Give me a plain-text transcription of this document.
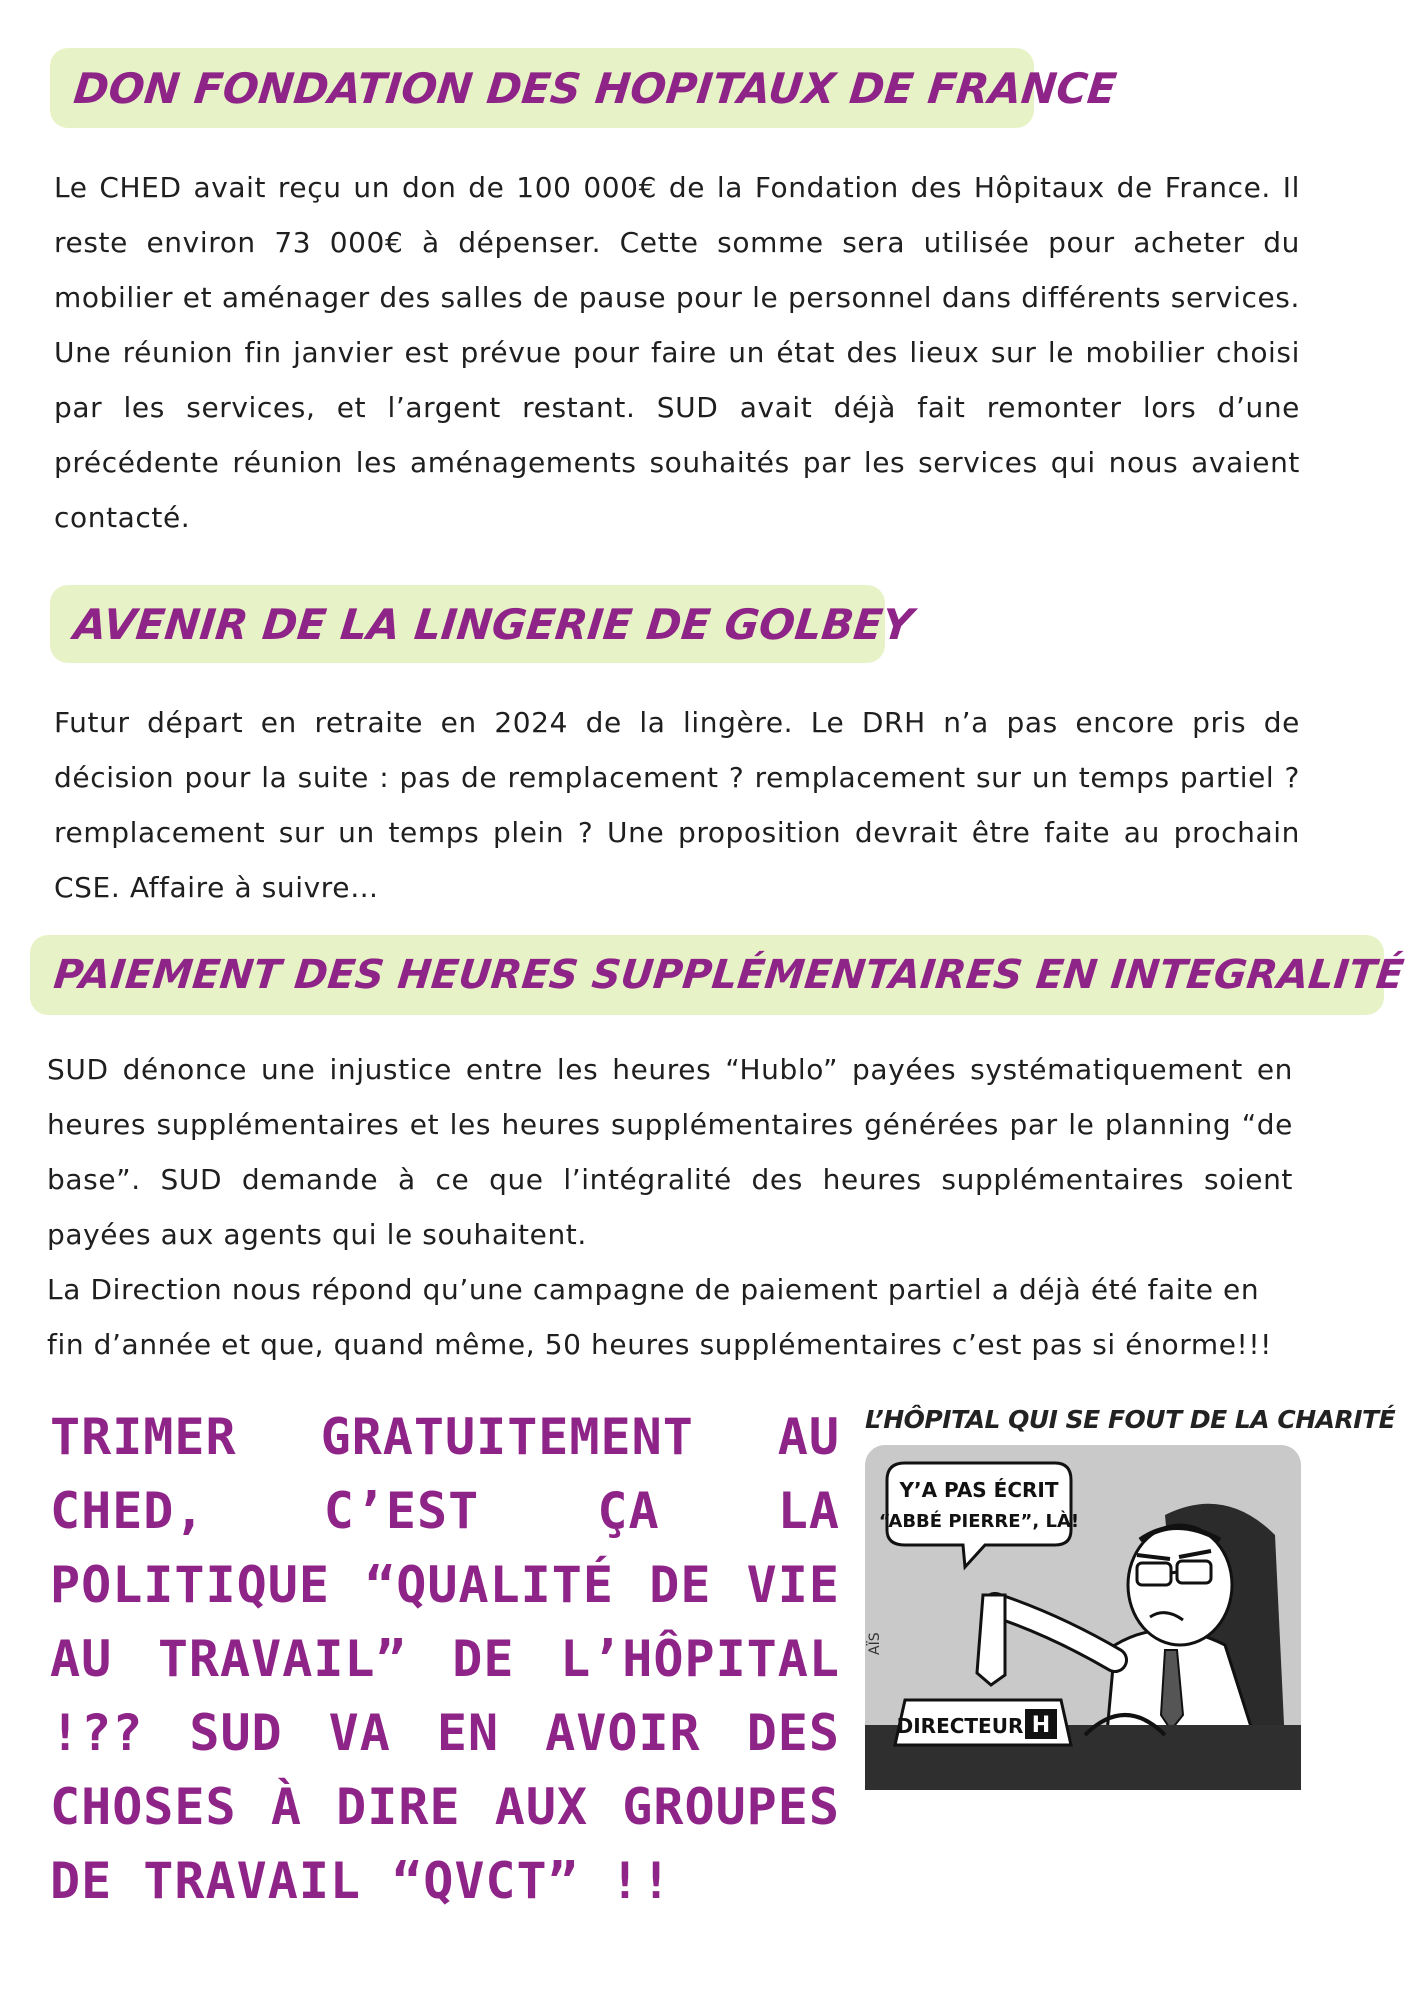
DON FONDATION DES HOPITAUX DE FRANCE

Le CHED avait reçu un don de 100 000€ de la Fondation des Hôpitaux de France. Il reste environ 73 000€ à dépenser. Cette somme sera utilisée pour acheter du mobilier et aménager des salles de pause pour le personnel dans différents services. Une réunion fin janvier est prévue pour faire un état des lieux sur le mobilier choisi par les services, et l’argent restant. SUD avait déjà fait remonter lors d’une précédente réunion les aménagements souhaités par les services qui nous avaient contacté.

AVENIR DE LA LINGERIE DE GOLBEY

Futur départ en retraite en 2024 de la lingère. Le DRH n’a pas encore pris de décision pour la suite : pas de remplacement ? remplacement sur un temps partiel ? remplacement sur un temps plein ? Une proposition devrait être faite au prochain CSE. Affaire à suivre…

PAIEMENT DES HEURES SUPPLÉMENTAIRES EN INTEGRALITÉ

SUD dénonce une injustice entre les heures “Hublo” payées systématiquement en heures supplémentaires et les heures supplémentaires générées par le planning “de base”. SUD demande à ce que l’intégralité des heures supplémentaires soient payées aux agents qui le souhaitent.

La Direction nous répond qu’une campagne de paiement partiel a déjà été faite en fin d’année et que, quand même, 50 heures supplémentaires c’est pas si énorme!!!

TRIMER GRATUITEMENT AU CHED, C’EST ÇA LA POLITIQUE “QUALITÉ DE VIE AU TRAVAIL” DE L’HÔPITAL !?? SUD VA EN AVOIR DES CHOSES À DIRE AUX GROUPES DE TRAVAIL “QVCT” !!
L’HÔPITAL QUI SE FOUT DE LA CHARITÉ
Y’A PAS ÉCRIT
“ABBÉ PIERRE”, LÀ!
AÏS
DIRECTEUR H
